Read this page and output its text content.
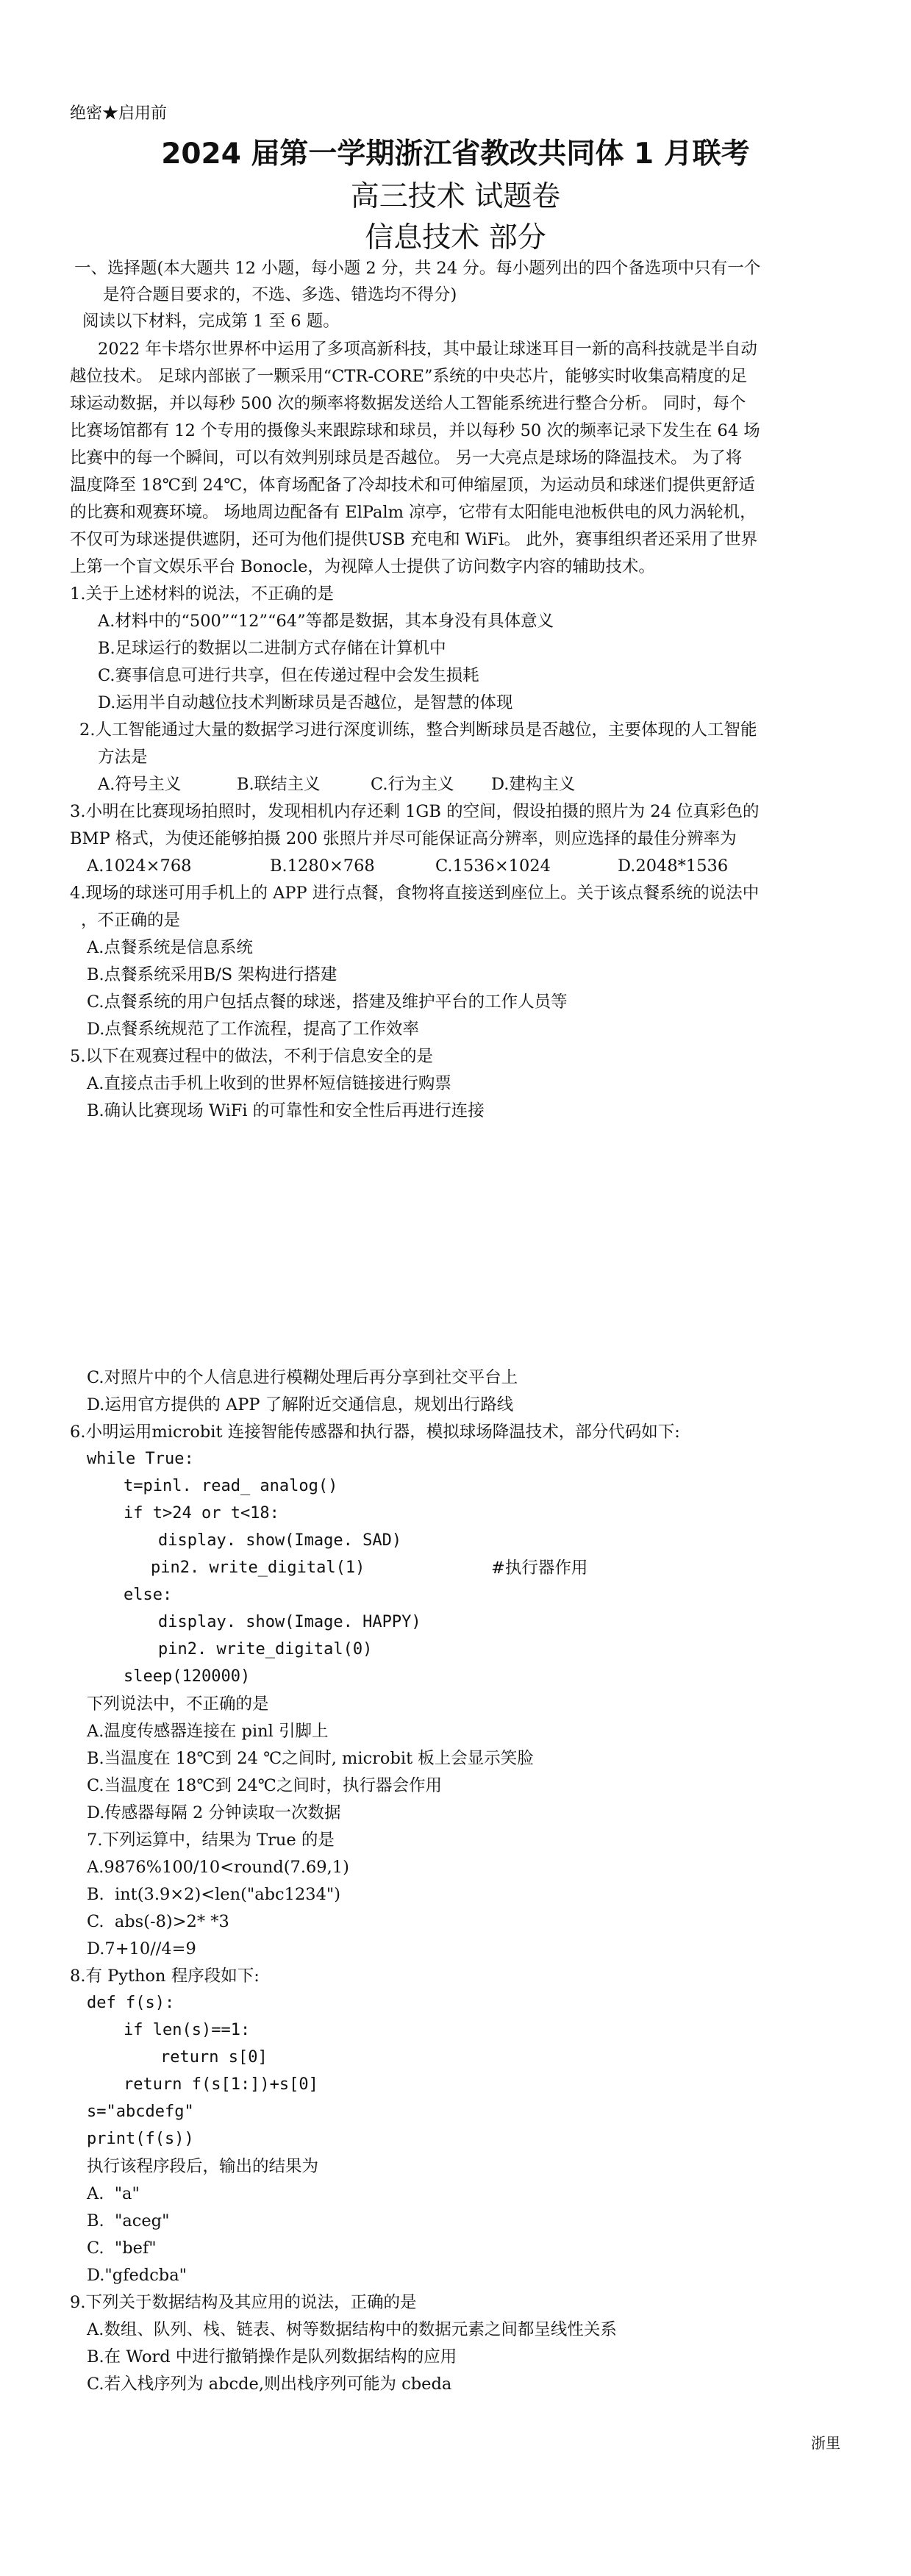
绝密★启用前
2024 届第一学期浙江省教改共同体 1 月联考
高三技术 试题卷
信息技术 部分
一、选择题(本大题共 12 小题，每小题 2 分，共 24 分。每小题列出的四个备选项中只有一个
是符合题目要求的，不选、多选、错选均不得分)
阅读以下材料，完成第 1 至 6 题。
2022 年卡塔尔世界杯中运用了多项高新科技，其中最让球迷耳目一新的高科技就是半自动
越位技术。 足球内部嵌了一颗采用“CTR-CORE”系统的中央芯片，能够实时收集高精度的足
球运动数据，并以每秒 500 次的频率将数据发送给人工智能系统进行整合分析。 同时，每个
比赛场馆都有 12 个专用的摄像头来跟踪球和球员，并以每秒 50 次的频率记录下发生在 64 场
比赛中的每一个瞬间，可以有效判别球员是否越位。 另一大亮点是球场的降温技术。 为了将
温度降至 18℃到 24℃，体育场配备了冷却技术和可伸缩屋顶，为运动员和球迷们提供更舒适
的比赛和观赛环境。 场地周边配备有 ElPalm 凉亭，它带有太阳能电池板供电的风力涡轮机，
不仅可为球迷提供遮阴，还可为他们提供USB 充电和 WiFi。 此外，赛事组织者还采用了世界
上第一个盲文娱乐平台 Bonocle，为视障人士提供了访问数字内容的辅助技术。
1.关于上述材料的说法，不正确的是
A.材料中的“500”“12”“64”等都是数据，其本身没有具体意义
B.足球运行的数据以二进制方式存储在计算机中
C.赛事信息可进行共享，但在传递过程中会发生损耗
D.运用半自动越位技术判断球员是否越位，是智慧的体现
2.人工智能通过大量的数据学习进行深度训练，整合判断球员是否越位，主要体现的人工智能
方法是
A.符号主义	B.联结主义	C.行为主义 D.建构主义
3.小明在比赛现场拍照时，发现相机内存还剩 1GB 的空间，假设拍摄的照片为 24 位真彩色的
BMP 格式，为使还能够拍摄 200 张照片并尽可能保证高分辨率，则应选择的最佳分辨率为
A.1024×768	B.1280×768	C.1536×1024	D.2048*1536
4.现场的球迷可用手机上的 APP 进行点餐，食物将直接送到座位上。关于该点餐系统的说法中
，不正确的是
A.点餐系统是信息系统
B.点餐系统采用B/S 架构进行搭建
C.点餐系统的用户包括点餐的球迷，搭建及维护平台的工作人员等
D.点餐系统规范了工作流程，提高了工作效率
5.以下在观赛过程中的做法，不利于信息安全的是
A.直接点击手机上收到的世界杯短信链接进行购票
B.确认比赛现场 WiFi 的可靠性和安全性后再进行连接
C.对照片中的个人信息进行模糊处理后再分享到社交平台上
D.运用官方提供的 APP 了解附近交通信息，规划出行路线
6.小明运用microbit 连接智能传感器和执行器，模拟球场降温技术，部分代码如下:
while True:
t=pinl. read_ analog()
if t>24 or t<18:
display. show(Image. SAD)
pin2. write_digital(1)	#执行器作用
else:
display. show(Image. HAPPY)
pin2. write_digital(0)
sleep(120000)
下列说法中，不正确的是
A.温度传感器连接在 pinl 引脚上
B.当温度在 18℃到 24 ℃之间时, microbit 板上会显示笑脸
C.当温度在 18℃到 24℃之间时，执行器会作用
D.传感器每隔 2 分钟读取一次数据
7.下列运算中，结果为 True 的是
A.9876%100/10<round(7.69,1)
B.  int(3.9×2)<len("abc1234")
C.  abs(-8)>2* *3
D.7+10//4=9
8.有 Python 程序段如下:
def f(s):
if len(s)==1:
return s[0]
return f(s[1:])+s[0]
s="abcdefg"
print(f(s))
执行该程序段后，输出的结果为
A.  "a"
B.  "aceg"
C.  "bef"
D."gfedcba"
9.下列关于数据结构及其应用的说法，正确的是
A.数组、队列、栈、链表、树等数据结构中的数据元素之间都呈线性关系
B.在 Word 中进行撤销操作是队列数据结构的应用
C.若入栈序列为 abcde,则出栈序列可能为 cbeda
浙里
